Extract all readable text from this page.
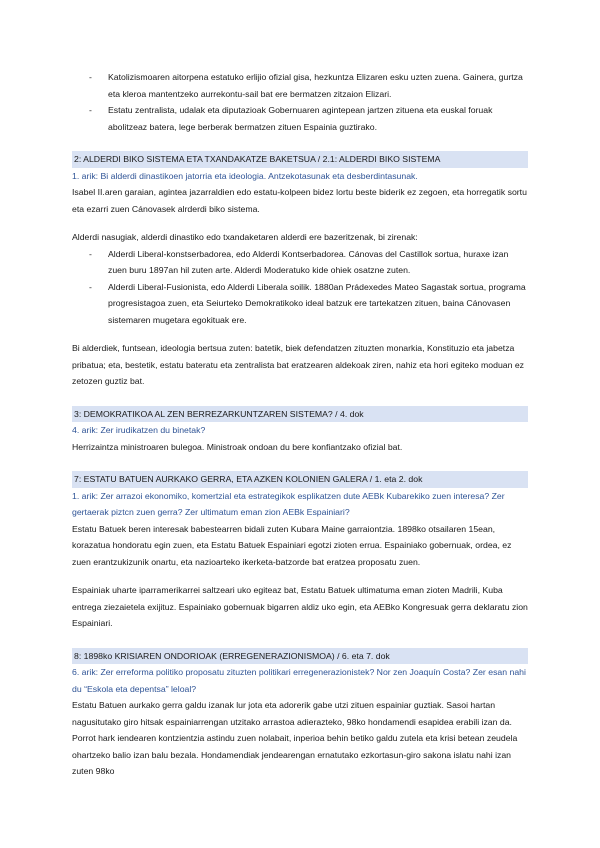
- Katolizismoaren aitorpena estatuko erlijio ofizial gisa, hezkuntza Elizaren esku uzten zuena. Gainera, gurtza eta kleroa mantentzeko aurrekontu-sail bat ere bermatzen zitzaion Elizari.
- Estatu zentralista, udalak eta diputazioak Gobernuaren agintepean jartzen zituena eta euskal foruak abolitzeaz batera, lege berberak bermatzen zituen Espainia guztirako.
2: ALDERDI BIKO SISTEMA ETA TXANDAKATZE BAKETSUA / 2.1: ALDERDI BIKO SISTEMA

1. arik: Bi alderdi dinastikoen jatorria eta ideologia. Antzekotasunak eta desberdintasunak.

Isabel II.aren garaian, agintea jazarraldien edo estatu-kolpeen bidez lortu beste biderik ez zegoen, eta horregatik sortu eta ezarri zuen Cánovasek alrderdi biko sistema.

Alderdi nasugiak, alderdi dinastiko edo txandaketaren alderdi ere bazeritzenak, bi zirenak:

- Alderdi Liberal-konstserbadorea, edo Alderdi Kontserbadorea. Cánovas del Castillok sortua, huraxe izan zuen buru 1897an hil zuten arte. Alderdi Moderatuko kide ohiek osatzne zuten.
- Alderdi Liberal-Fusionista, edo Alderdi Liberala soilik. 1880an Prádexedes Mateo Sagastak sortua, programa progresistagoa zuen, eta Seiurteko Demokratikoko ideal batzuk ere tartekatzen zituen, baina Cánovasen sistemaren mugetara egokituak ere.

Bi alderdiek, funtsean, ideologia bertsua zuten: batetik, biek defendatzen zituzten monarkia, Konstituzio eta jabetza pribatua; eta, bestetik, estatu bateratu eta zentralista bat eratzearen aldekoak ziren, nahiz eta hori egiteko moduan ez zetozen guztiz bat.

3: DEMOKRATIKOA AL ZEN BERREZARKUNTZAREN SISTEMA? / 4. dok

4. arik: Zer irudikatzen du binetak?

Herrizaintza ministroaren bulegoa. Ministroak ondoan du bere konfiantzako ofizial bat.

7: ESTATU BATUEN AURKAKO GERRA, ETA AZKEN KOLONIEN GALERA / 1. eta 2. dok

1. arik: Zer arrazoi ekonomiko, komertzial eta estrategikok esplikatzen dute AEBk Kubarekiko zuen interesa? Zer gertaerak piztcn zuen gerra? Zer ultimatum eman zion AEBk Espainiari?

Estatu Batuek beren interesak babestearren bidali zuten Kubara Maine garraiontzia. 1898ko otsailaren 15ean, korazatua hondoratu egin zuen, eta Estatu Batuek Espainiari egotzi zioten errua. Espainiako gobernuak, ordea, ez zuen erantzukizunik onartu, eta nazioarteko ikerketa-batzorde bat eratzea proposatu zuen.

Espainiak uharte iparramerikarrei saltzeari uko egiteaz bat, Estatu Batuek ultimatuma eman zioten Madrili, Kuba entrega ziezaietela exijituz. Espainiako gobernuak bigarren aldiz uko egin, eta AEBko Kongresuak gerra deklaratu zion Espainiari.

8: 1898ko KRISIAREN ONDORIOAK (ERREGENERAZIONISMOA) / 6. eta 7. dok

6. arik: Zer erreforma politiko proposatu zituzten politikari erregenerazionistek? Nor zen Joaquín Costa? Zer esan nahi du “Eskola eta depentsa” leloal?

Estatu Batuen aurkako gerra galdu izanak lur jota eta adorerik gabe utzi zituen espainiar guztiak. Sasoi hartan nagusitutako giro hitsak espainiarrengan utzitako arrastoa adierazteko, 98ko hondamendi esapidea erabili izan da. Porrot hark iendearen kontzientzia astindu zuen nolabait, inperioa behin betiko galdu zutela eta krisi betean zeudela ohartzeko balio izan balu bezala. Hondamendiak jendearengan ernatutako ezkortasun-giro sakona islatu nahi izan zuten 98ko
